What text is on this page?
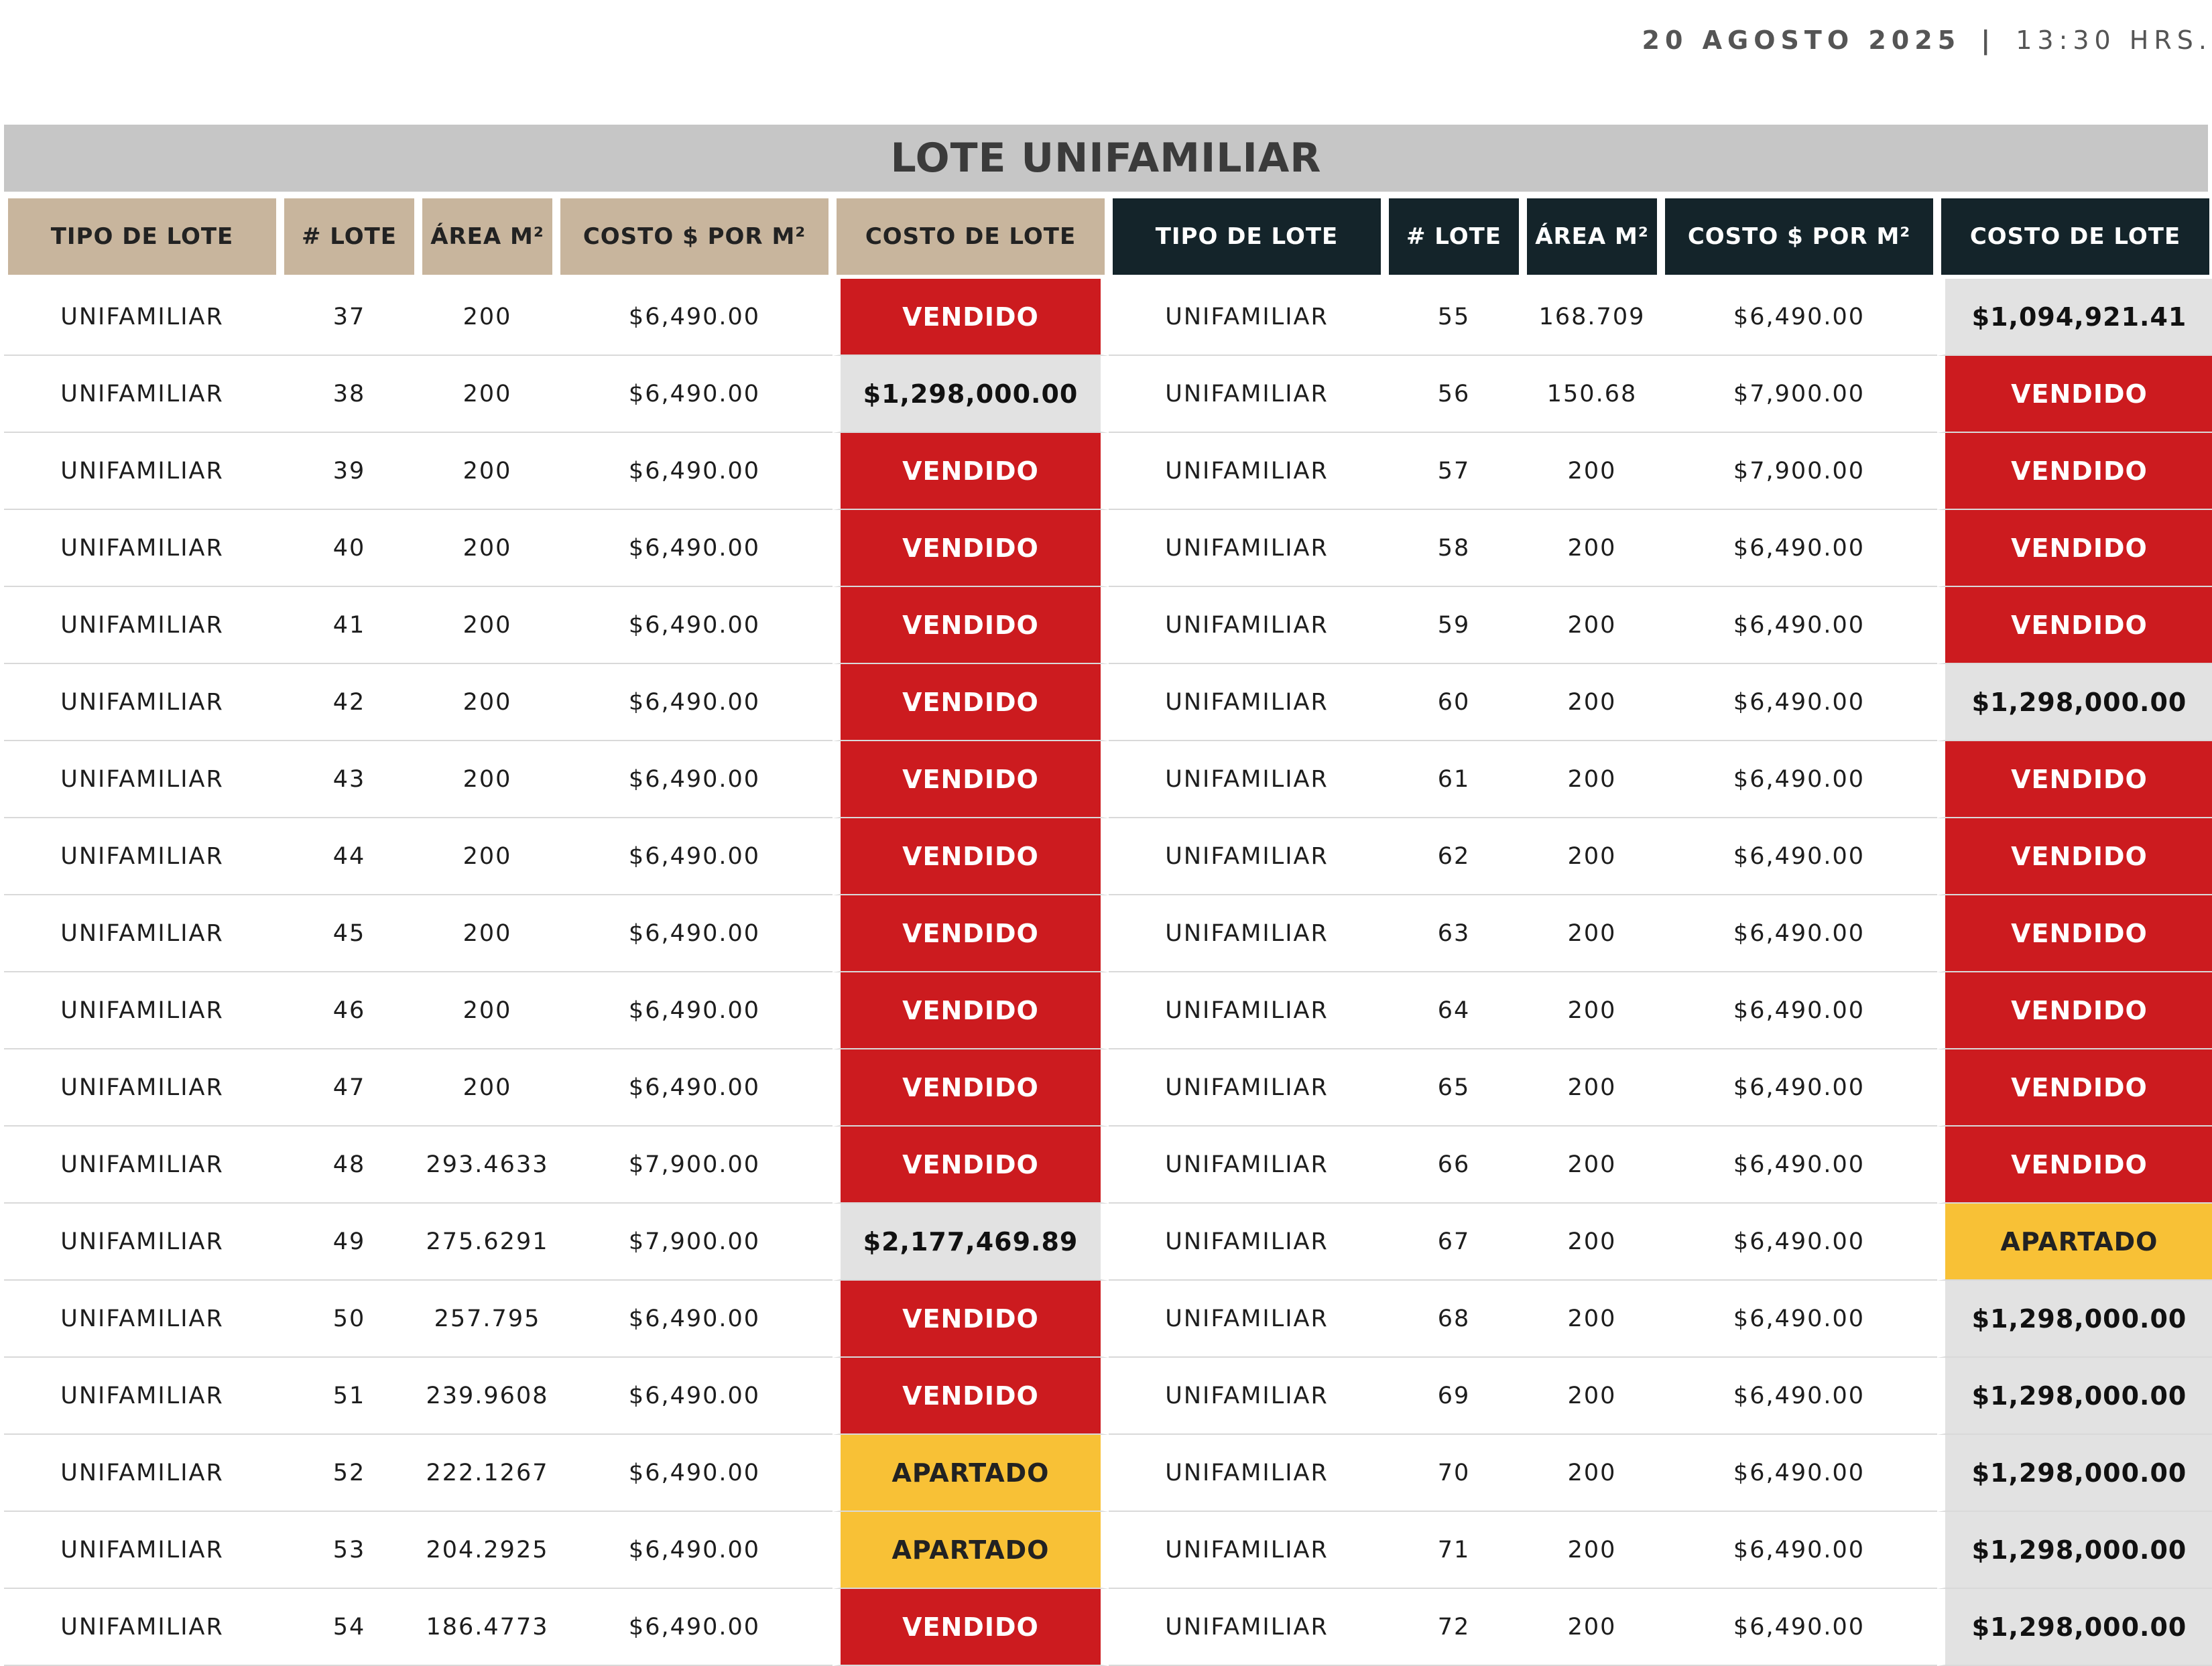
20 AGOSTO 2025 | 13:30 HRS.
LOTE UNIFAMILIAR
TIPO DE LOTE	# LOTE	ÁREA M²	COSTO $ POR M²	COSTO DE LOTE	TIPO DE LOTE	# LOTE	ÁREA M²	COSTO $ POR M²	COSTO DE LOTE
UNIFAMILIAR	37	200	$6,490.00	VENDIDO	UNIFAMILIAR	55	168.709	$6,490.00	$1,094,921.41
UNIFAMILIAR	38	200	$6,490.00	$1,298,000.00	UNIFAMILIAR	56	150.68	$7,900.00	VENDIDO
UNIFAMILIAR	39	200	$6,490.00	VENDIDO	UNIFAMILIAR	57	200	$7,900.00	VENDIDO
UNIFAMILIAR	40	200	$6,490.00	VENDIDO	UNIFAMILIAR	58	200	$6,490.00	VENDIDO
UNIFAMILIAR	41	200	$6,490.00	VENDIDO	UNIFAMILIAR	59	200	$6,490.00	VENDIDO
UNIFAMILIAR	42	200	$6,490.00	VENDIDO	UNIFAMILIAR	60	200	$6,490.00	$1,298,000.00
UNIFAMILIAR	43	200	$6,490.00	VENDIDO	UNIFAMILIAR	61	200	$6,490.00	VENDIDO
UNIFAMILIAR	44	200	$6,490.00	VENDIDO	UNIFAMILIAR	62	200	$6,490.00	VENDIDO
UNIFAMILIAR	45	200	$6,490.00	VENDIDO	UNIFAMILIAR	63	200	$6,490.00	VENDIDO
UNIFAMILIAR	46	200	$6,490.00	VENDIDO	UNIFAMILIAR	64	200	$6,490.00	VENDIDO
UNIFAMILIAR	47	200	$6,490.00	VENDIDO	UNIFAMILIAR	65	200	$6,490.00	VENDIDO
UNIFAMILIAR	48	293.4633	$7,900.00	VENDIDO	UNIFAMILIAR	66	200	$6,490.00	VENDIDO
UNIFAMILIAR	49	275.6291	$7,900.00	$2,177,469.89	UNIFAMILIAR	67	200	$6,490.00	APARTADO
UNIFAMILIAR	50	257.795	$6,490.00	VENDIDO	UNIFAMILIAR	68	200	$6,490.00	$1,298,000.00
UNIFAMILIAR	51	239.9608	$6,490.00	VENDIDO	UNIFAMILIAR	69	200	$6,490.00	$1,298,000.00
UNIFAMILIAR	52	222.1267	$6,490.00	APARTADO	UNIFAMILIAR	70	200	$6,490.00	$1,298,000.00
UNIFAMILIAR	53	204.2925	$6,490.00	APARTADO	UNIFAMILIAR	71	200	$6,490.00	$1,298,000.00
UNIFAMILIAR	54	186.4773	$6,490.00	VENDIDO	UNIFAMILIAR	72	200	$6,490.00	$1,298,000.00
